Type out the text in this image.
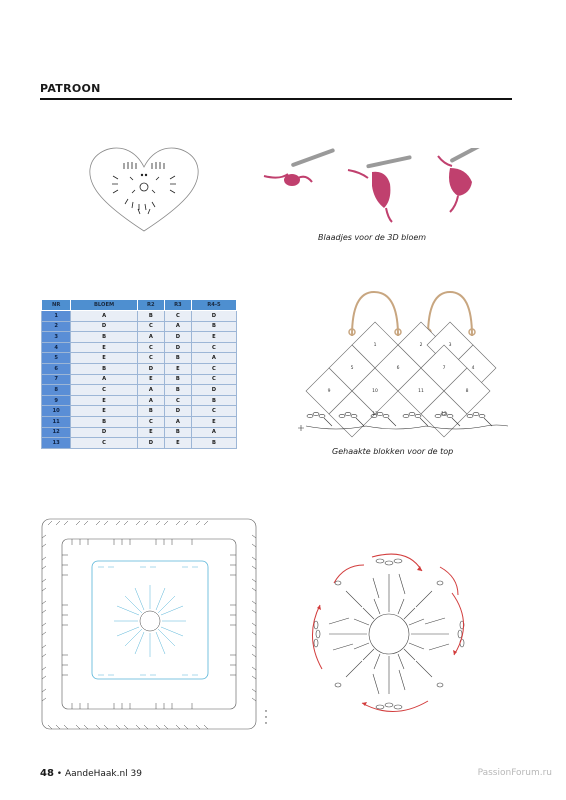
PATROON
Blaadjes voor de 3D bloem
NR	BLOEM	R2	R3	R4-5
1	A	B	C	D
2	D	C	A	B
3	B	A	D	E
4	E	C	D	C
5	E	C	B	A
6	B	D	E	C
7	A	E	B	C
8	C	A	B	D
9	E	A	C	B
10	E	B	D	C
11	B	C	A	E
12	D	E	B	A
13	C	D	E	B
1	2	3
4
5	6	7
8
9	10	11
12
13
Gehaakte blokken voor de top
48 • AandeHaak.nl 39	PassionForum.ru
